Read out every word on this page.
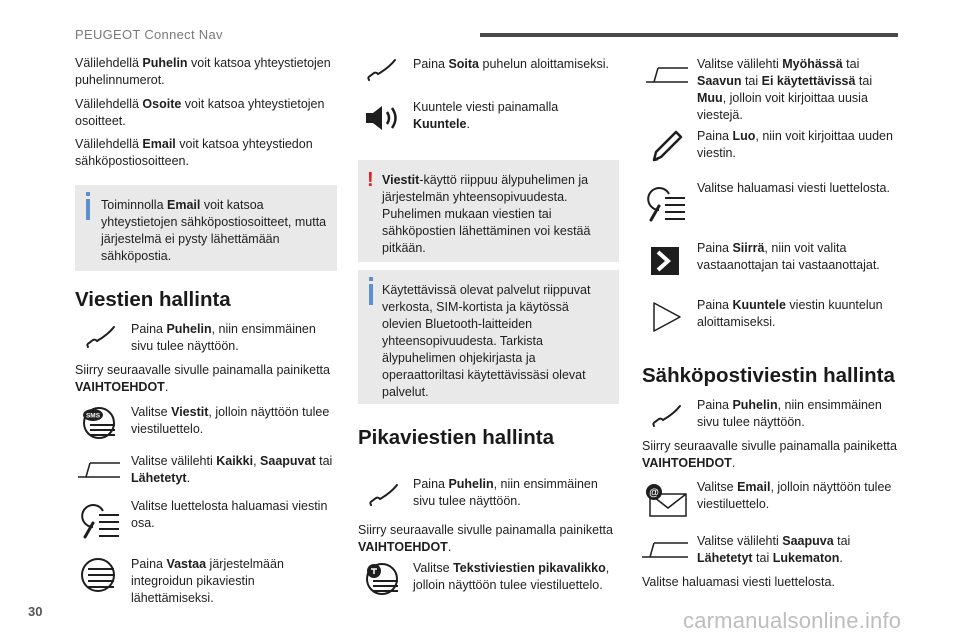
PEUGEOT Connect Nav

Välilehdellä Puhelin voit katsoa yhteystietojen puhelinnumerot.

Välilehdellä Osoite voit katsoa yhteystietojen osoitteet.

Välilehdellä Email voit katsoa yhteystiedon sähköpostiosoitteen.

Toiminnolla Email voit katsoa yhteystietojen sähköpostiosoitteet, mutta järjestelmä ei pysty lähettämään sähköpostia.
Viestien hallinta

Paina Puhelin, niin ensimmäinen sivu tulee näyttöön.

Siirry seuraavalle sivulle painamalla painiketta VAIHTOEHDOT.

SMS Valitse Viestit, jolloin näyttöön tulee viestiluettelo.

Valitse välilehti Kaikki, Saapuvat tai Lähetetyt.

Valitse luettelosta haluamasi viestin osa.

Paina Vastaa järjestelmään integroidun pikaviestin lähettämiseksi.

Paina Soita puhelun aloittamiseksi.

Kuuntele viesti painamalla Kuuntele.

! Viestit-käyttö riippuu älypuhelimen ja järjestelmän yhteensopivuudesta. Puhelimen mukaan viestien tai sähköpostien lähettäminen voi kestää pitkään.
Käytettävissä olevat palvelut riippuvat verkosta, SIM-kortista ja käytössä olevien Bluetooth-laitteiden yhteensopivuudesta. Tarkista älypuhelimen ohjekirjasta ja operaattoriltasi käytettävissäsi olevat palvelut.
Pikaviestien hallinta

Paina Puhelin, niin ensimmäinen sivu tulee näyttöön.

Siirry seuraavalle sivulle painamalla painiketta VAIHTOEHDOT.

Valitse Tekstiviestien pikavalikko, jolloin näyttöön tulee viestiluettelo.

Valitse välilehti Myöhässä tai Saavun tai Ei käytettävissä tai Muu, jolloin voit kirjoittaa uusia viestejä.

Paina Luo, niin voit kirjoittaa uuden viestin.

Valitse haluamasi viesti luettelosta.

Paina Siirrä, niin voit valita vastaanottajan tai vastaanottajat.

Paina Kuuntele viestin kuuntelun aloittamiseksi.

Sähköpostiviestin hallinta

Paina Puhelin, niin ensimmäinen sivu tulee näyttöön.

Siirry seuraavalle sivulle painamalla painiketta VAIHTOEHDOT.

@	Valitse Email, jolloin näyttöön tulee viestiluettelo.

Valitse välilehti Saapuva tai Lähetetyt tai Lukematon.

Valitse haluamasi viesti luettelosta.

30	carmanualsonline.info
